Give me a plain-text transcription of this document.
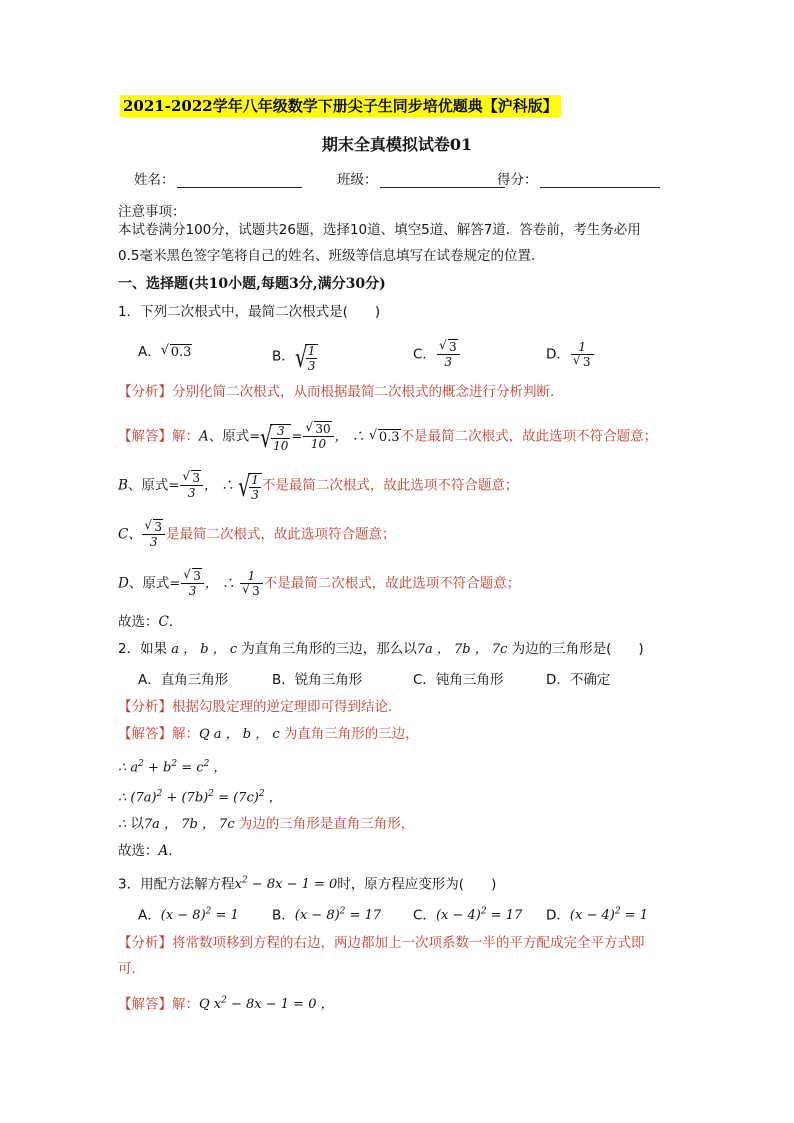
2021-2022学年八年级数学下册尖子生同步培优题典【沪科版】
期末全真模拟试卷01
姓名：	班级：	得分：
注意事项：
本试卷满分100分，试题共26题，选择10道、填空5道、解答7道．答卷前，考生务必用
0.5毫米黑色签字笔将自己的姓名、班级等信息填写在试卷规定的位置．
一、选择题(共10小题,每题3分,满分30分)
1．下列二次根式中，最简二次根式是(　　)
A． √ 0.3	B． √
$\frac{1}{3}$	C． √ $\frac{3}{3}$	D． 1
√ 3
【分析】分别化简二次根式，从而根据最简二次根式的概念进行分析判断．
【解答】解：A、原式= √
$\frac{3}{10}$ = √ $\frac{30}{10}$ ， ∴ √ 0.3不是最简二次根式，故此选项不符合题意；
B、原式= √ $\frac{3}{3}$ ， ∴ √
$\frac{1}{3}$ 不是最简二次根式，故此选项不符合题意；
C、 √ $\frac{3}{3}$ 是最简二次根式，故此选项符合题意；
D、原式= √ $\frac{3}{3}$ ， ∴ 1
√ 3 不是最简二次根式，故此选项不符合题意；
故选：C．
2．如果 a ， b ， c 为直角三角形的三边，那么以7a ， 7b ， 7c 为边的三角形是(　　)
A．直角三角形	B．锐角三角形	C．钝角三角形	D．不确定
【分析】根据勾股定理的逆定理即可得到结论．
【解答】解：Q a ， b ， c 为直角三角形的三边，
∴ $a^2 + b^2 = c^2$ ，
∴ $(7a)^2 + (7b)^2 = (7c)^2$ ，
∴ 以7a ， 7b ， 7c 为边的三角形是直角三角形，
故选：A．
3．用配方法解方程$x^2 - 8x - 1 = 0$时，原方程应变形为(　　)
A．$(x - 8)^2 = 1$ B．$(x - 8)^2 = 17$ C．$(x - 4)^2 = 17$ D．$(x - 4)^2 = 1$
【分析】将常数项移到方程的右边，两边都加上一次项系数一半的平方配成完全平方式即
可．
【解答】解：Q $x^2 - 8x - 1 = 0$ ，
